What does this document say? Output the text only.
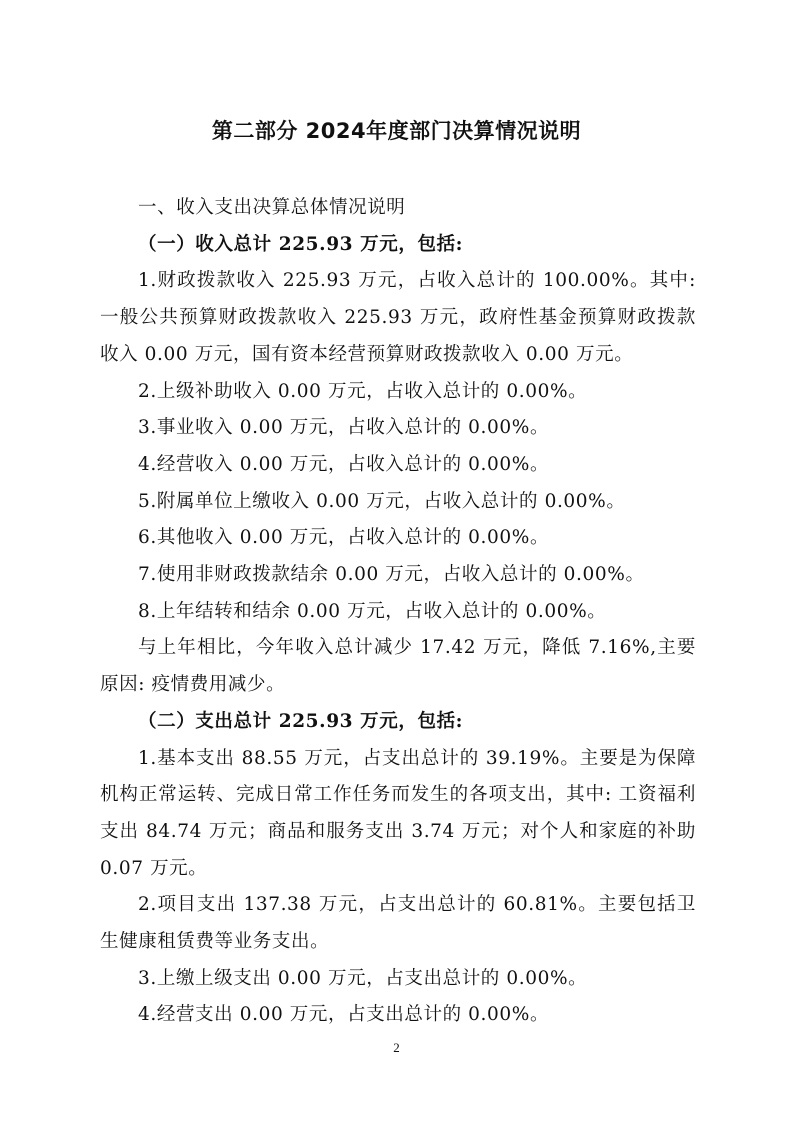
第二部分 2024年度部门决算情况说明

一、收入支出决算总体情况说明

（一）收入总计 225.93 万元，包括:

1.财政拨款收入 225.93 万元，占收入总计的 100.00%。其中:一般公共预算财政拨款收入 225.93 万元，政府性基金预算财政拨款收入 0.00 万元，国有资本经营预算财政拨款收入 0.00 万元。

2.上级补助收入 0.00 万元，占收入总计的 0.00%。

3.事业收入 0.00 万元，占收入总计的 0.00%。

4.经营收入 0.00 万元，占收入总计的 0.00%。

5.附属单位上缴收入 0.00 万元，占收入总计的 0.00%。

6.其他收入 0.00 万元，占收入总计的 0.00%。

7.使用非财政拨款结余 0.00 万元，占收入总计的 0.00%。

8.上年结转和结余 0.00 万元，占收入总计的 0.00%。

与上年相比，今年收入总计减少 17.42 万元，降低 7.16%,主要原因: 疫情费用减少。

（二）支出总计 225.93 万元，包括:

1.基本支出 88.55 万元，占支出总计的 39.19%。主要是为保障机构正常运转、完成日常工作任务而发生的各项支出，其中: 工资福利支出 84.74 万元；商品和服务支出 3.74 万元；对个人和家庭的补助 0.07 万元。

2.项目支出 137.38 万元，占支出总计的 60.81%。主要包括卫生健康租赁费等业务支出。

3.上缴上级支出 0.00 万元，占支出总计的 0.00%。

4.经营支出 0.00 万元，占支出总计的 0.00%。

2
